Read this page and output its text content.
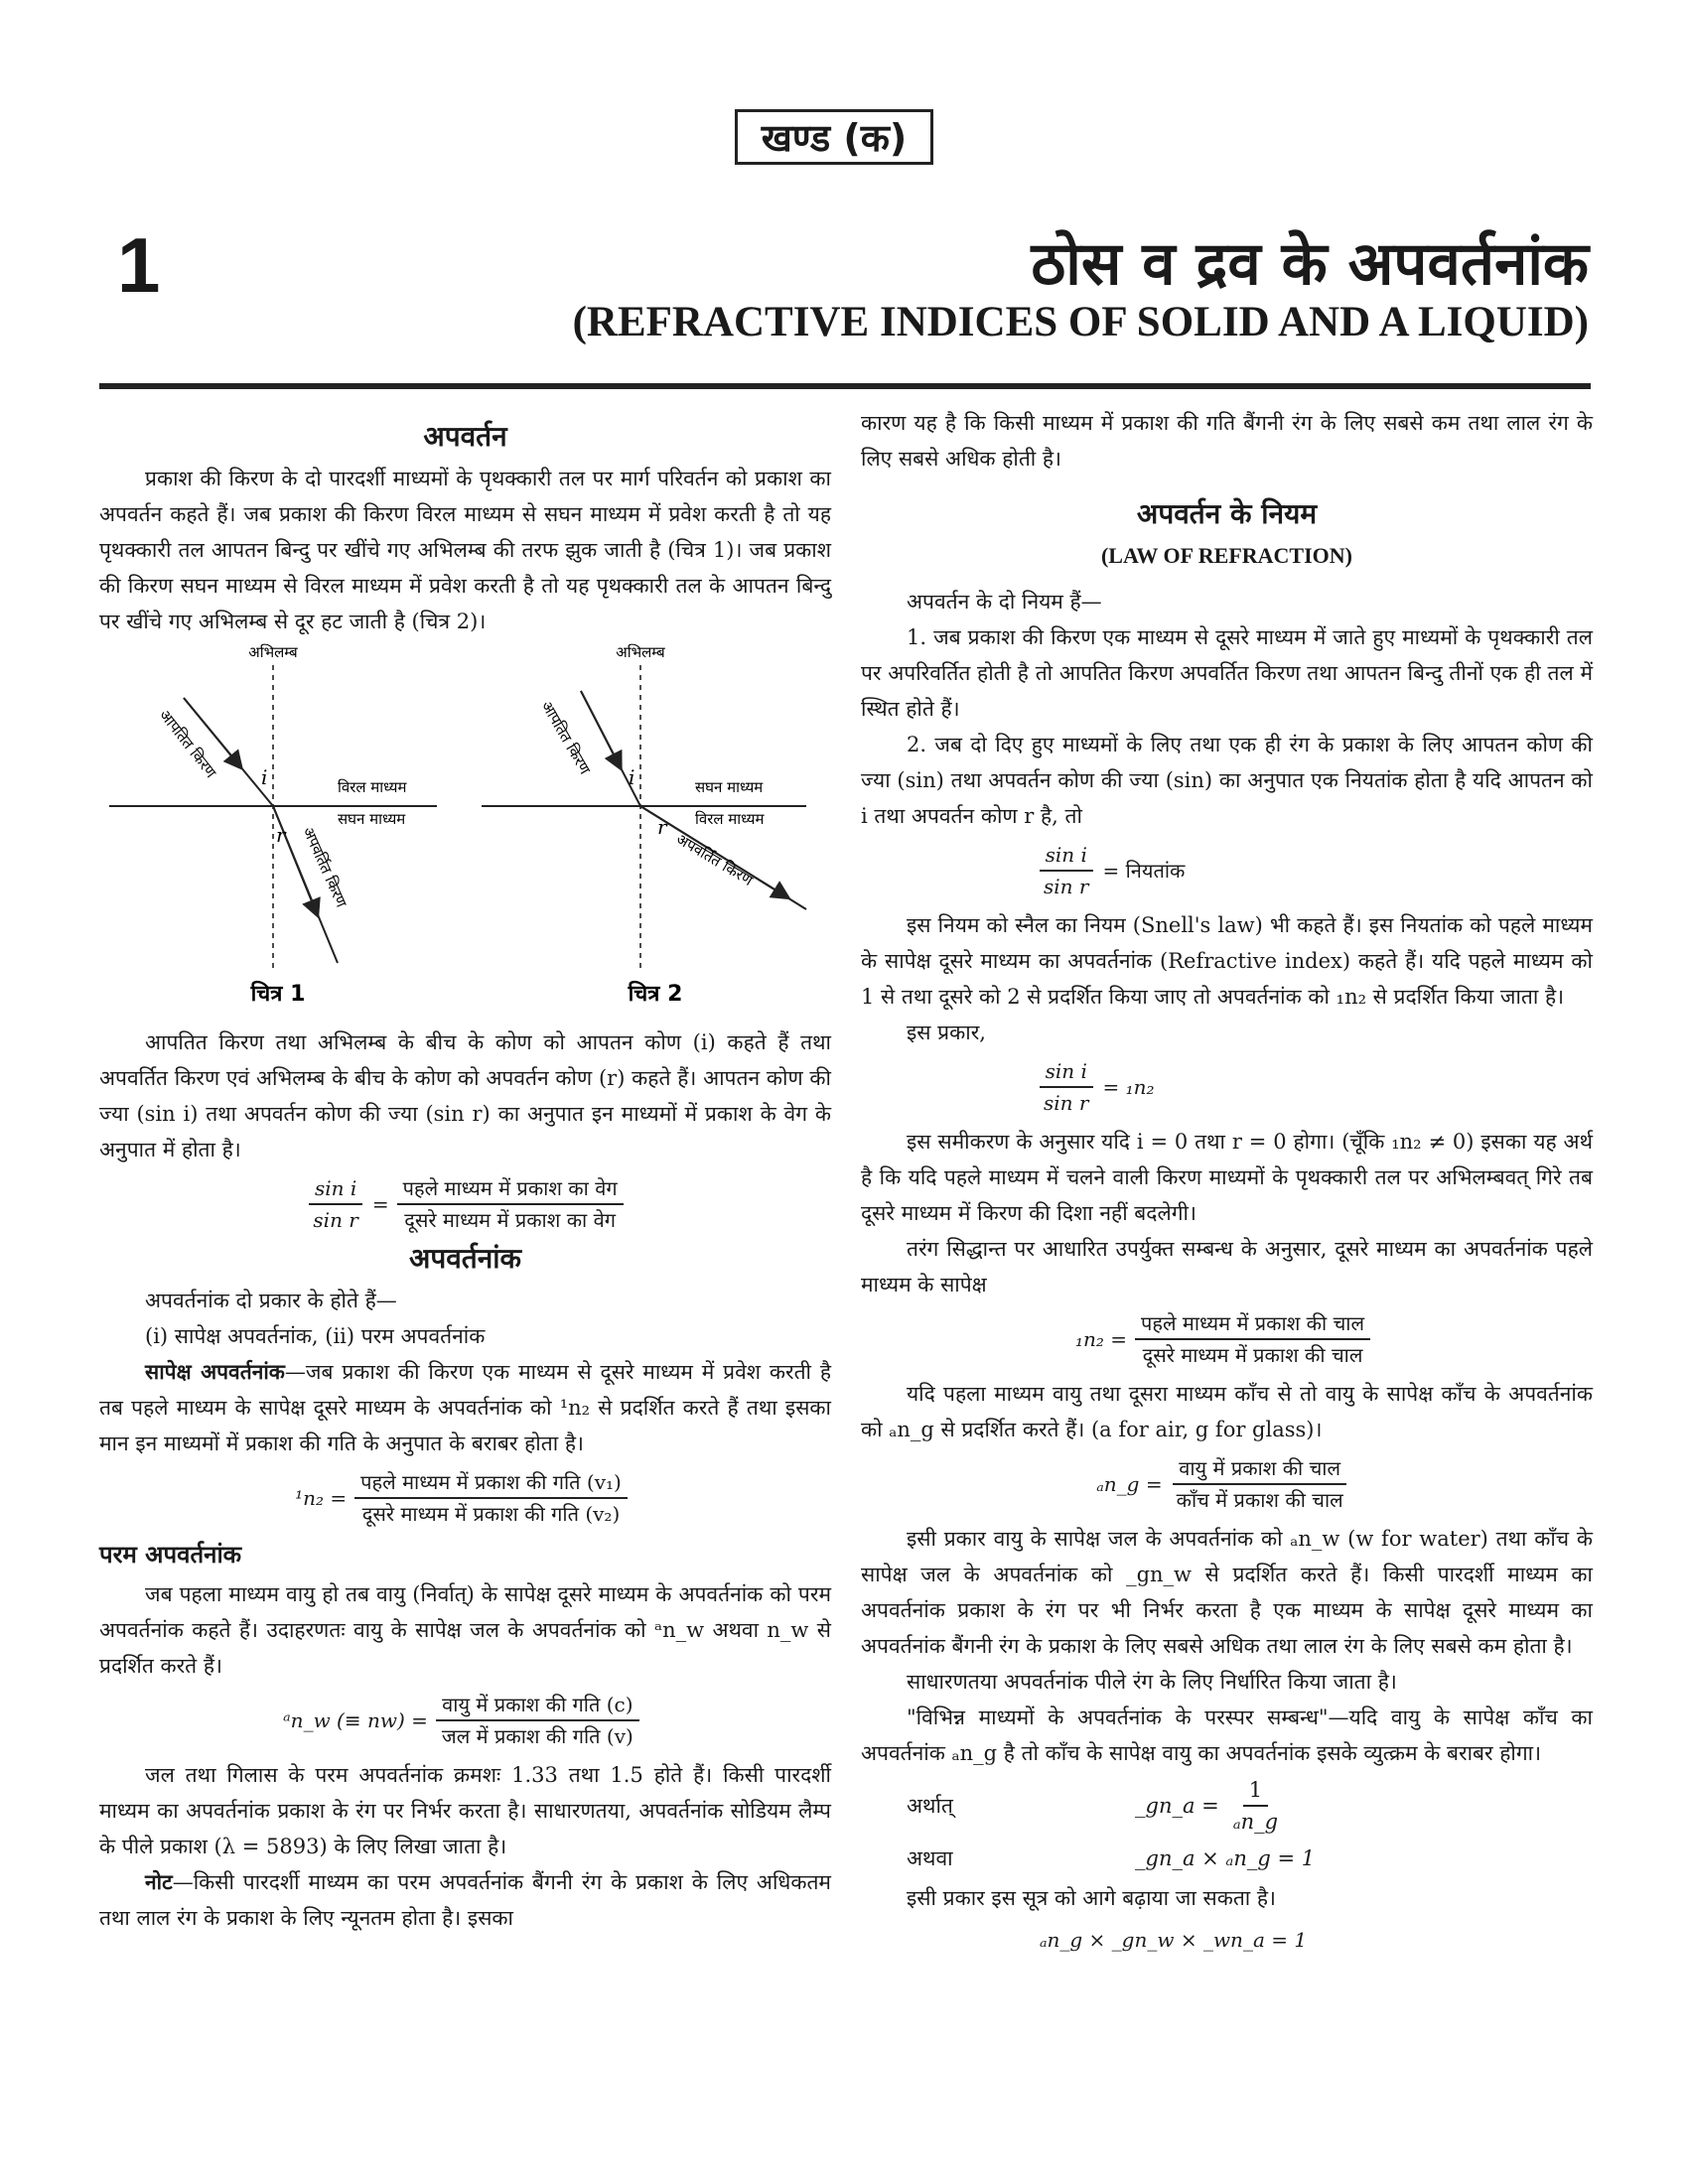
खण्ड (क)
1	ठोस व द्रव के अपवर्तनांक
(REFRACTIVE INDICES OF SOLID AND A LIQUID)
अपवर्तन

प्रकाश की किरण के दो पारदर्शी माध्यमों के पृथक्कारी तल पर मार्ग परिवर्तन को प्रकाश का अपवर्तन कहते हैं। जब प्रकाश की किरण विरल माध्यम से सघन माध्यम में प्रवेश करती है तो यह पृथक्कारी तल आपतन बिन्दु पर खींचे गए अभिलम्ब की तरफ झुक जाती है (चित्र 1)। जब प्रकाश की किरण सघन माध्यम से विरल माध्यम में प्रवेश करती है तो यह पृथक्कारी तल के आपतन बिन्दु पर खींचे गए अभिलम्ब से दूर हट जाती है (चित्र 2)।

अभिलम्ब
आपतित किरण
अपवर्तित किरण
विरल माध्यम
सघन माध्यम
i
r
चित्र 1
अभिलम्ब
आपतित किरण
अपवर्तित किरण
सघन माध्यम
विरल माध्यम
i
r
चित्र 2

आपतित किरण तथा अभिलम्ब के बीच के कोण को आपतन कोण (i) कहते हैं तथा अपवर्तित किरण एवं अभिलम्ब के बीच के कोण को अपवर्तन कोण (r) कहते हैं। आपतन कोण की ज्या (sin i) तथा अपवर्तन कोण की ज्या (sin r) का अनुपात इन माध्यमों में प्रकाश के वेग के अनुपात में होता है।

$\frac{\text{sin i}}{\text{sin r}} = \frac{\text{पहले माध्यम में प्रकाश का वेग}}{\text{दूसरे माध्यम में प्रकाश का वेग}}$
अपवर्तनांक

अपवर्तनांक दो प्रकार के होते हैं—

(i) सापेक्ष अपवर्तनांक, (ii) परम अपवर्तनांक

सापेक्ष अपवर्तनांक—जब प्रकाश की किरण एक माध्यम से दूसरे माध्यम में प्रवेश करती है तब पहले माध्यम के सापेक्ष दूसरे माध्यम के अपवर्तनांक को ¹n₂ से प्रदर्शित करते हैं तथा इसका मान इन माध्यमों में प्रकाश की गति के अनुपात के बराबर होता है।

$^1n_2 = \frac{\text{पहले माध्यम में प्रकाश की गति (v₁)}}{\text{दूसरे माध्यम में प्रकाश की गति (v₂)}}$
परम अपवर्तनांक

जब पहला माध्यम वायु हो तब वायु (निर्वात्) के सापेक्ष दूसरे माध्यम के अपवर्तनांक को परम अपवर्तनांक कहते हैं। उदाहरणतः वायु के सापेक्ष जल के अपवर्तनांक को ᵃn_w अथवा n_w से प्रदर्शित करते हैं।

ᵃn_w (≡ $nw) = \frac{\text{वायु में प्रकाश की गति (c)}}{\text{जल में प्रकाश की गति (v)}}$

जल तथा गिलास के परम अपवर्तनांक क्रमशः 1.33 तथा 1.5 होते हैं। किसी पारदर्शी माध्यम का अपवर्तनांक प्रकाश के रंग पर निर्भर करता है। साधारणतया, अपवर्तनांक सोडियम लैम्प के पीले प्रकाश (λ = 5893) के लिए लिखा जाता है।

नोट—किसी पारदर्शी माध्यम का परम अपवर्तनांक बैंगनी रंग के प्रकाश के लिए अधिकतम तथा लाल रंग के प्रकाश के लिए न्यूनतम होता है। इसका

कारण यह है कि किसी माध्यम में प्रकाश की गति बैंगनी रंग के लिए सबसे कम तथा लाल रंग के लिए सबसे अधिक होती है।

अपवर्तन के नियम
(LAW OF REFRACTION)

अपवर्तन के दो नियम हैं—

1. जब प्रकाश की किरण एक माध्यम से दूसरे माध्यम में जाते हुए माध्यमों के पृथक्कारी तल पर अपरिवर्तित होती है तो आपतित किरण अपवर्तित किरण तथा आपतन बिन्दु तीनों एक ही तल में स्थित होते हैं।

2. जब दो दिए हुए माध्यमों के लिए तथा एक ही रंग के प्रकाश के लिए आपतन कोण की ज्या (sin) तथा अपवर्तन कोण की ज्या (sin) का अनुपात एक नियतांक होता है यदि आपतन को i तथा अपवर्तन कोण r है, तो

$\frac{\text{sin i}}{\text{sin r}}$ = नियतांक

इस नियम को स्नैल का नियम (Snell's law) भी कहते हैं। इस नियतांक को पहले माध्यम के सापेक्ष दूसरे माध्यम का अपवर्तनांक (Refractive index) कहते हैं। यदि पहले माध्यम को 1 से तथा दूसरे को 2 से प्रदर्शित किया जाए तो अपवर्तनांक को ₁n₂ से प्रदर्शित किया जाता है।

इस प्रकार,

$\frac{\text{sin i}}{\text{sin r}} = _1n_2$

इस समीकरण के अनुसार यदि i = 0 तथा r = 0 होगा। (चूँकि ₁n₂ ≠ 0) इसका यह अर्थ है कि यदि पहले माध्यम में चलने वाली किरण माध्यमों के पृथक्कारी तल पर अभिलम्बवत् गिरे तब दूसरे माध्यम में किरण की दिशा नहीं बदलेगी।

तरंग सिद्धान्त पर आधारित उपर्युक्त सम्बन्ध के अनुसार, दूसरे माध्यम का अपवर्तनांक पहले माध्यम के सापेक्ष

$_1n_2 = \frac{\text{पहले माध्यम में प्रकाश की चाल}}{\text{दूसरे माध्यम में प्रकाश की चाल}}$

यदि पहला माध्यम वायु तथा दूसरा माध्यम काँच से तो वायु के सापेक्ष काँच के अपवर्तनांक को ₐn_g से प्रदर्शित करते हैं। (a for air, g for glass)।

ₐn_g = $\frac{\text{वायु में प्रकाश की चाल}}{\text{काँच में प्रकाश की चाल}}$

इसी प्रकार वायु के सापेक्ष जल के अपवर्तनांक को ₐn_w (w for water) तथा काँच के सापेक्ष जल के अपवर्तनांक को _gn_w से प्रदर्शित करते हैं। किसी पारदर्शी माध्यम का अपवर्तनांक प्रकाश के रंग पर भी निर्भर करता है एक माध्यम के सापेक्ष दूसरे माध्यम का अपवर्तनांक बैंगनी रंग के प्रकाश के लिए सबसे अधिक तथा लाल रंग के लिए सबसे कम होता है।

साधारणतया अपवर्तनांक पीले रंग के लिए निर्धारित किया जाता है।

"विभिन्न माध्यमों के अपवर्तनांक के परस्पर सम्बन्ध"—यदि वायु के सापेक्ष काँच का अपवर्तनांक ₐn_g है तो काँच के सापेक्ष वायु का अपवर्तनांक इसके व्युत्क्रम के बराबर होगा।

अर्थात्	_gn_a = $\frac{1}{\text{ₐn\_g}}$
अथवा	_gn_a × ₐn_g = 1

इसी प्रकार इस सूत्र को आगे बढ़ाया जा सकता है।

ₐn_g × _gn_w × _wn_a = 1
